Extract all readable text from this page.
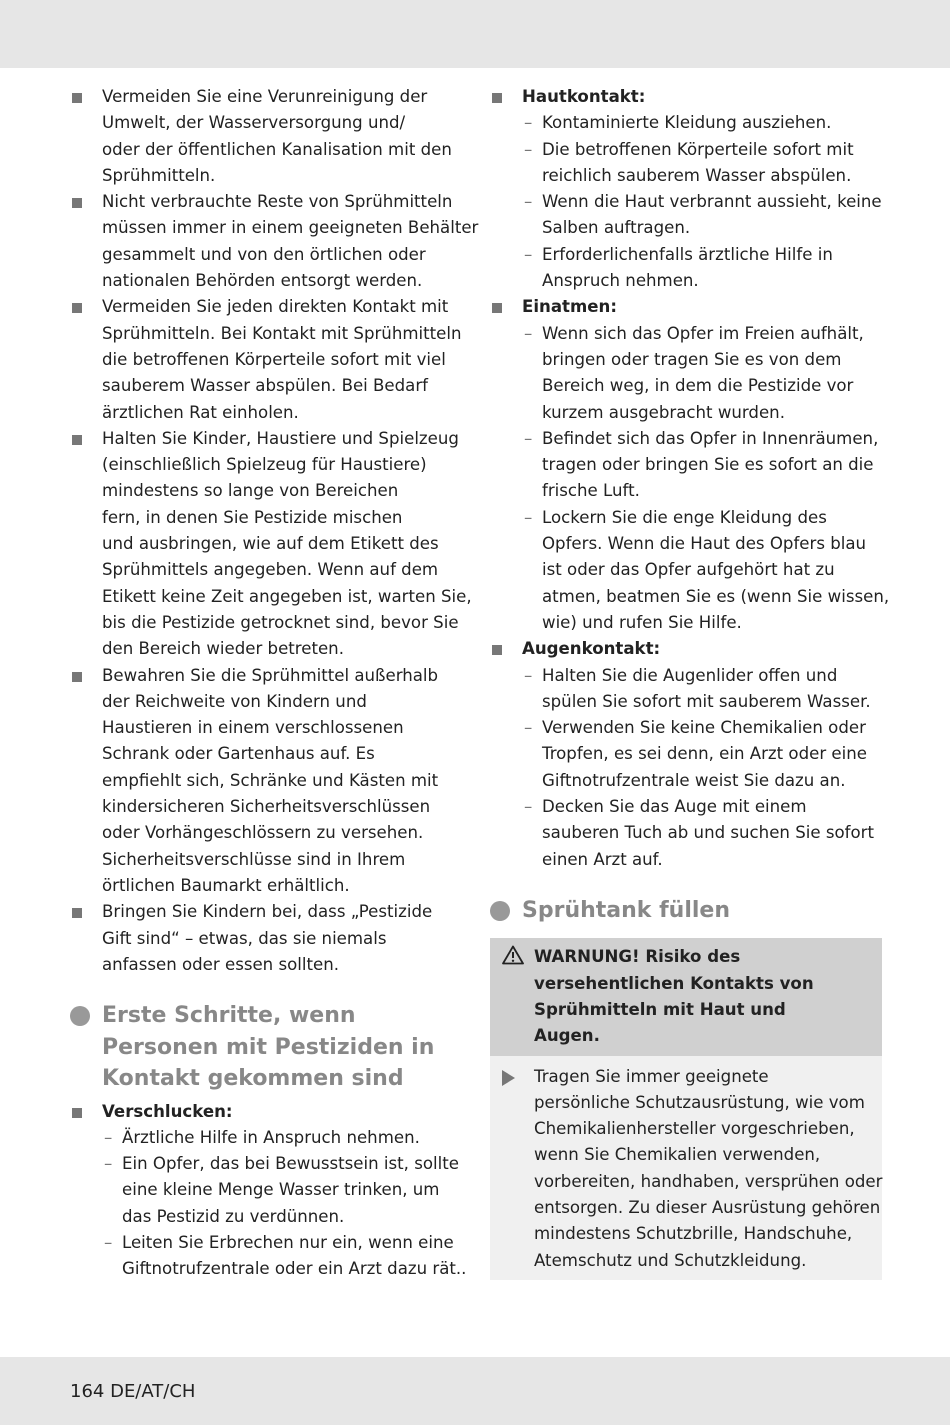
Vermeiden Sie eine Verunreinigung der

Umwelt, der Wasserversorgung und/

oder der öffentlichen Kanalisation mit den

Sprühmitteln.

Nicht verbrauchte Reste von Sprühmitteln

müssen immer in einem geeigneten Behälter

gesammelt und von den örtlichen oder

nationalen Behörden entsorgt werden.

Vermeiden Sie jeden direkten Kontakt mit

Sprühmitteln. Bei Kontakt mit Sprühmitteln

die betroffenen Körperteile sofort mit viel

sauberem Wasser abspülen. Bei Bedarf

ärztlichen Rat einholen.

Halten Sie Kinder, Haustiere und Spielzeug

(einschließlich Spielzeug für Haustiere)

mindestens so lange von Bereichen

fern, in denen Sie Pestizide mischen

und ausbringen, wie auf dem Etikett des

Sprühmittels angegeben. Wenn auf dem

Etikett keine Zeit angegeben ist, warten Sie,

bis die Pestizide getrocknet sind, bevor Sie

den Bereich wieder betreten.

Bewahren Sie die Sprühmittel außerhalb

der Reichweite von Kindern und

Haustieren in einem verschlossenen

Schrank oder Gartenhaus auf. Es

empfiehlt sich, Schränke und Kästen mit

kindersicheren Sicherheitsverschlüssen

oder Vorhängeschlössern zu versehen.

Sicherheitsverschlüsse sind in Ihrem

örtlichen Baumarkt erhältlich.

Bringen Sie Kindern bei, dass „Pestizide

Gift sind“ – etwas, das sie niemals

anfassen oder essen sollten.

Erste Schritte, wenn

Personen mit Pestiziden in

Kontakt gekommen sind

Verschlucken:

– Ärztliche Hilfe in Anspruch nehmen.

– Ein Opfer, das bei Bewusstsein ist, sollte

eine kleine Menge Wasser trinken, um

das Pestizid zu verdünnen.

– Leiten Sie Erbrechen nur ein, wenn eine

Giftnotrufzentrale oder ein Arzt dazu rät..

Hautkontakt:

– Kontaminierte Kleidung ausziehen.

– Die betroffenen Körperteile sofort mit

reichlich sauberem Wasser abspülen.

– Wenn die Haut verbrannt aussieht, keine

Salben auftragen.

– Erforderlichenfalls ärztliche Hilfe in

Anspruch nehmen.

Einatmen:

– Wenn sich das Opfer im Freien aufhält,

bringen oder tragen Sie es von dem

Bereich weg, in dem die Pestizide vor

kurzem ausgebracht wurden.

– Befindet sich das Opfer in Innenräumen,

tragen oder bringen Sie es sofort an die

frische Luft.

– Lockern Sie die enge Kleidung des

Opfers. Wenn die Haut des Opfers blau

ist oder das Opfer aufgehört hat zu

atmen, beatmen Sie es (wenn Sie wissen,

wie) und rufen Sie Hilfe.

Augenkontakt:

– Halten Sie die Augenlider offen und

spülen Sie sofort mit sauberem Wasser.

– Verwenden Sie keine Chemikalien oder

Tropfen, es sei denn, ein Arzt oder eine

Giftnotrufzentrale weist Sie dazu an.

– Decken Sie das Auge mit einem

sauberen Tuch ab und suchen Sie sofort

einen Arzt auf.

Sprühtank füllen

WARNUNG! Risiko des

versehentlichen Kontakts von

Sprühmitteln mit Haut und

Augen.

Tragen Sie immer geeignete

persönliche Schutzausrüstung, wie vom

Chemikalienhersteller vorgeschrieben,

wenn Sie Chemikalien verwenden,

vorbereiten, handhaben, versprühen oder

entsorgen. Zu dieser Ausrüstung gehören

mindestens Schutzbrille, Handschuhe,

Atemschutz und Schutzkleidung.

164 DE/AT/CH
